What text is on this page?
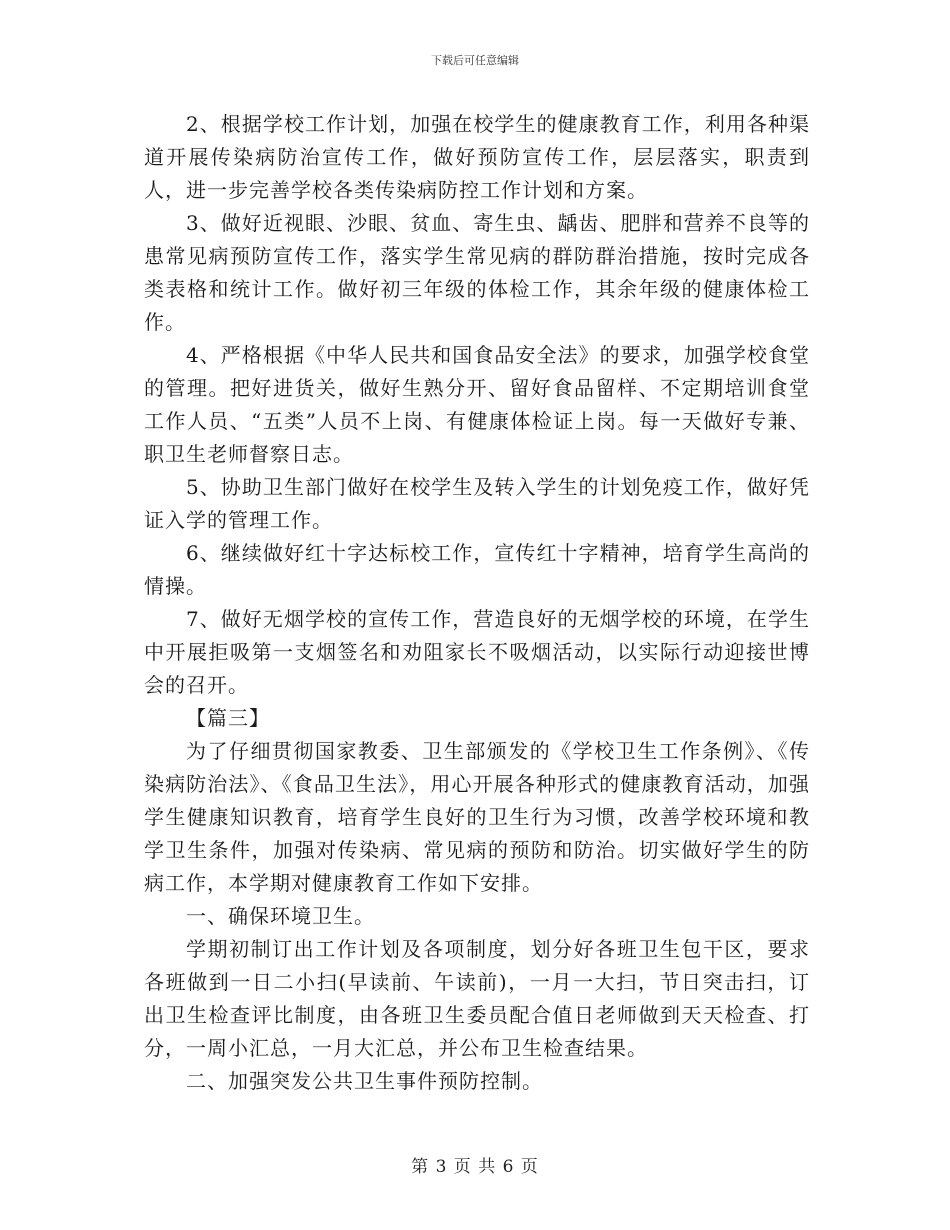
下载后可任意编辑

2、根据学校工作计划，加强在校学生的健康教育工作，利用各种渠道开展传染病防治宣传工作，做好预防宣传工作，层层落实，职责到人，进一步完善学校各类传染病防控工作计划和方案。

3、做好近视眼、沙眼、贫血、寄生虫、龋齿、肥胖和营养不良等的患常见病预防宣传工作，落实学生常见病的群防群治措施，按时完成各类表格和统计工作。做好初三年级的体检工作，其余年级的健康体检工作。

4、严格根据《中华人民共和国食品安全法》的要求，加强学校食堂的管理。把好进货关，做好生熟分开、留好食品留样、不定期培训食堂工作人员、“五类”人员不上岗、有健康体检证上岗。每一天做好专兼、职卫生老师督察日志。

5、协助卫生部门做好在校学生及转入学生的计划免疫工作，做好凭证入学的管理工作。

6、继续做好红十字达标校工作，宣传红十字精神，培育学生高尚的情操。

7、做好无烟学校的宣传工作，营造良好的无烟学校的环境，在学生中开展拒吸第一支烟签名和劝阻家长不吸烟活动，以实际行动迎接世博会的召开。

【篇三】

为了仔细贯彻国家教委、卫生部颁发的《学校卫生工作条例》、《传染病防治法》、《食品卫生法》，用心开展各种形式的健康教育活动，加强学生健康知识教育，培育学生良好的卫生行为习惯，改善学校环境和教学卫生条件，加强对传染病、常见病的预防和防治。切实做好学生的防病工作，本学期对健康教育工作如下安排。

一、确保环境卫生。

学期初制订出工作计划及各项制度，划分好各班卫生包干区，要求各班做到一日二小扫(早读前、午读前)，一月一大扫，节日突击扫，订出卫生检查评比制度，由各班卫生委员配合值日老师做到天天检查、打分，一周小汇总，一月大汇总，并公布卫生检查结果。

二、加强突发公共卫生事件预防控制。

第 3 页 共 6 页
